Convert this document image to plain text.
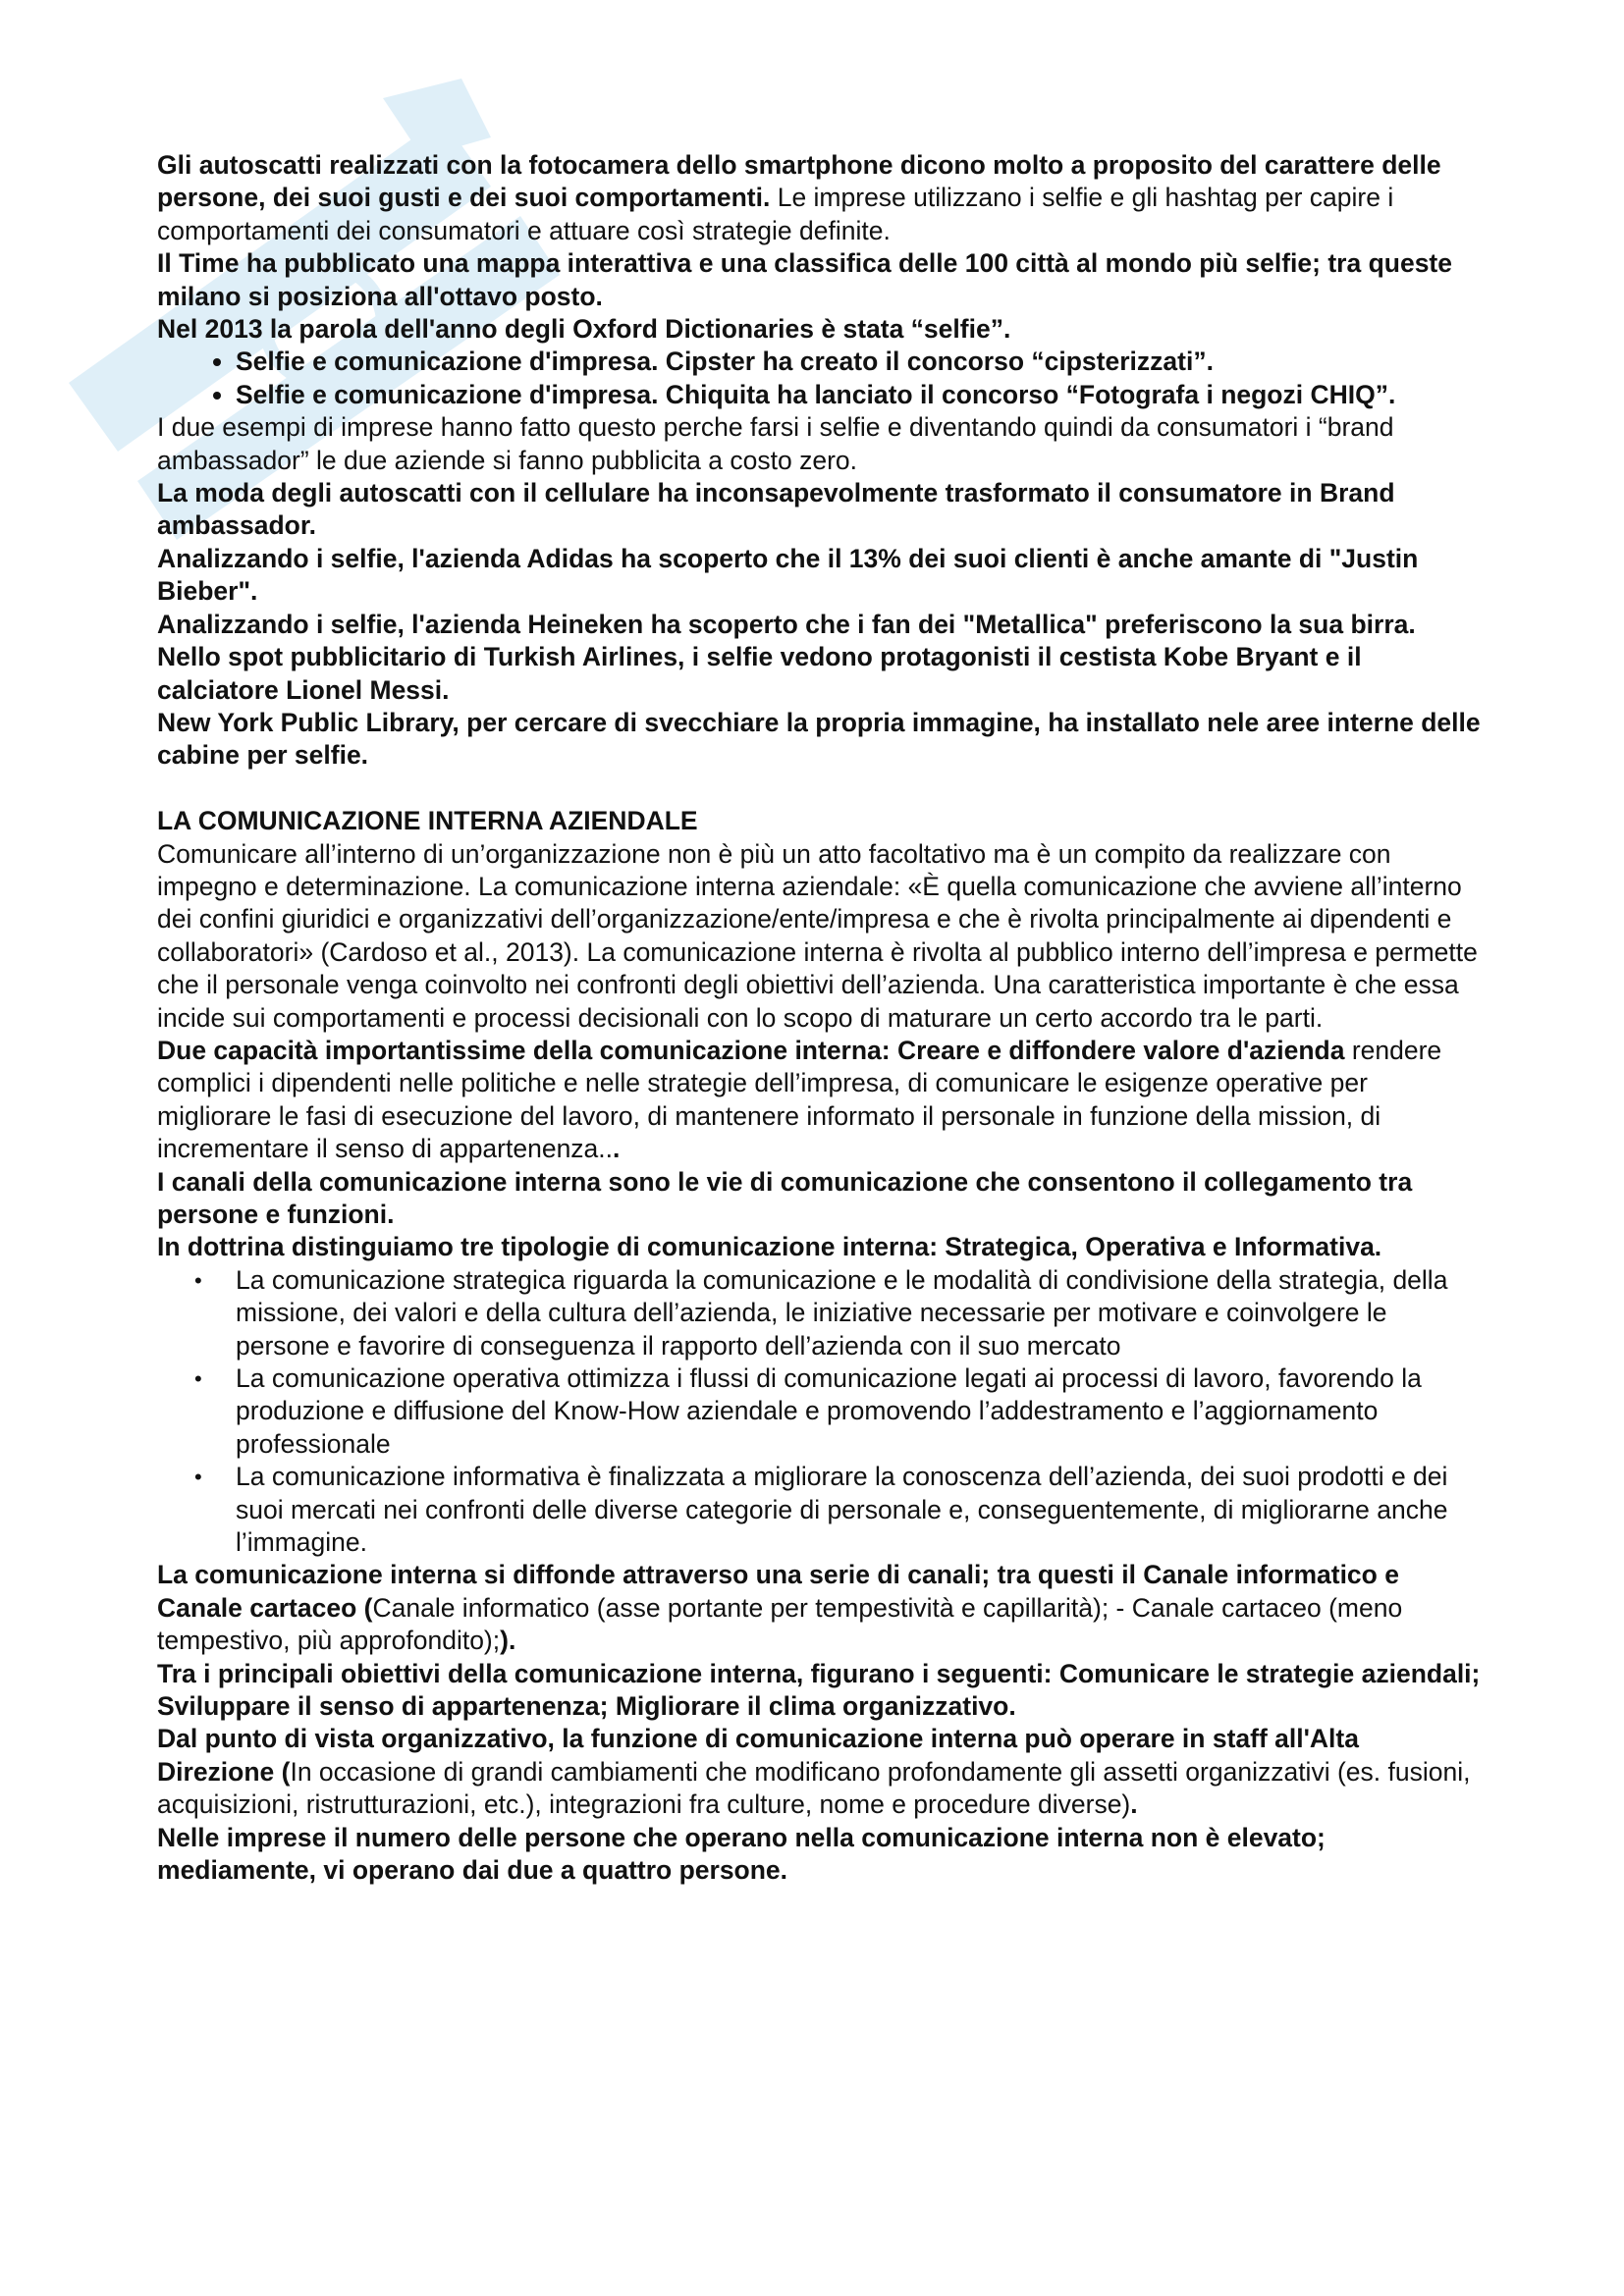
Gli autoscatti realizzati con la fotocamera dello smartphone dicono molto a proposito del carattere delle persone, dei suoi gusti e dei suoi comportamenti. Le imprese utilizzano i selfie e gli hashtag per capire i comportamenti dei consumatori e attuare così strategie definite.

Il Time ha pubblicato una mappa interattiva e una classifica delle 100 città al mondo più selfie; tra queste milano si posiziona all'ottavo posto.

Nel 2013 la parola dell'anno degli Oxford Dictionaries è stata “selfie”.

• Selfie e comunicazione d'impresa. Cipster ha creato il concorso “cipsterizzati”.
• Selfie e comunicazione d'impresa. Chiquita ha lanciato il concorso “Fotografa i negozi CHIQ”.

I due esempi di imprese hanno fatto questo perche farsi i selfie e diventando quindi da consumatori i “brand ambassador” le due aziende si fanno pubblicita a costo zero.

La moda degli autoscatti con il cellulare ha inconsapevolmente trasformato il consumatore in Brand ambassador.

Analizzando i selfie, l'azienda Adidas ha scoperto che il 13% dei suoi clienti è anche amante di "Justin Bieber".

Analizzando i selfie, l'azienda Heineken ha scoperto che i fan dei "Metallica" preferiscono la sua birra.

Nello spot pubblicitario di Turkish Airlines, i selfie vedono protagonisti il cestista Kobe Bryant e il calciatore Lionel Messi.

New York Public Library, per cercare di svecchiare la propria immagine, ha installato nele aree interne delle cabine per selfie.

LA COMUNICAZIONE INTERNA AZIENDALE

Comunicare all’interno di un’organizzazione non è più un atto facoltativo ma è un compito da realizzare con impegno e determinazione. La comunicazione interna aziendale: «È quella comunicazione che avviene all’interno dei confini giuridici e organizzativi dell’organizzazione/ente/impresa e che è rivolta principalmente ai dipendenti e collaboratori» (Cardoso et al., 2013). La comunicazione interna è rivolta al pubblico interno dell’impresa e permette che il personale venga coinvolto nei confronti degli obiettivi dell’azienda. Una caratteristica importante è che essa incide sui comportamenti e processi decisionali con lo scopo di maturare un certo accordo tra le parti.

Due capacità importantissime della comunicazione interna: Creare e diffondere valore d'azienda rendere complici i dipendenti nelle politiche e nelle strategie dell’impresa, di comunicare le esigenze operative per migliorare le fasi di esecuzione del lavoro, di mantenere informato il personale in funzione della mission, di incrementare il senso di appartenenza...

I canali della comunicazione interna sono le vie di comunicazione che consentono il collegamento tra persone e funzioni.

In dottrina distinguiamo tre tipologie di comunicazione interna: Strategica, Operativa e Informativa.

• La comunicazione strategica riguarda la comunicazione e le modalità di condivisione della strategia, della missione, dei valori e della cultura dell’azienda, le iniziative necessarie per motivare e coinvolgere le persone e favorire di conseguenza il rapporto dell’azienda con il suo mercato
• La comunicazione operativa ottimizza i flussi di comunicazione legati ai processi di lavoro, favorendo la produzione e diffusione del Know-How aziendale e promovendo l’addestramento e l’aggiornamento professionale
• La comunicazione informativa è finalizzata a migliorare la conoscenza dell’azienda, dei suoi prodotti e dei suoi mercati nei confronti delle diverse categorie di personale e, conseguentemente, di migliorarne anche l’immagine.

La comunicazione interna si diffonde attraverso una serie di canali; tra questi il Canale informatico e Canale cartaceo (Canale informatico (asse portante per tempestività e capillarità); - Canale cartaceo (meno tempestivo, più approfondito);).

Tra i principali obiettivi della comunicazione interna, figurano i seguenti: Comunicare le strategie aziendali; Sviluppare il senso di appartenenza; Migliorare il clima organizzativo.

Dal punto di vista organizzativo, la funzione di comunicazione interna può operare in staff all'Alta Direzione (In occasione di grandi cambiamenti che modificano profondamente gli assetti organizzativi (es. fusioni, acquisizioni, ristrutturazioni, etc.), integrazioni fra culture, nome e procedure diverse).

Nelle imprese il numero delle persone che operano nella comunicazione interna non è elevato; mediamente, vi operano dai due a quattro persone.
